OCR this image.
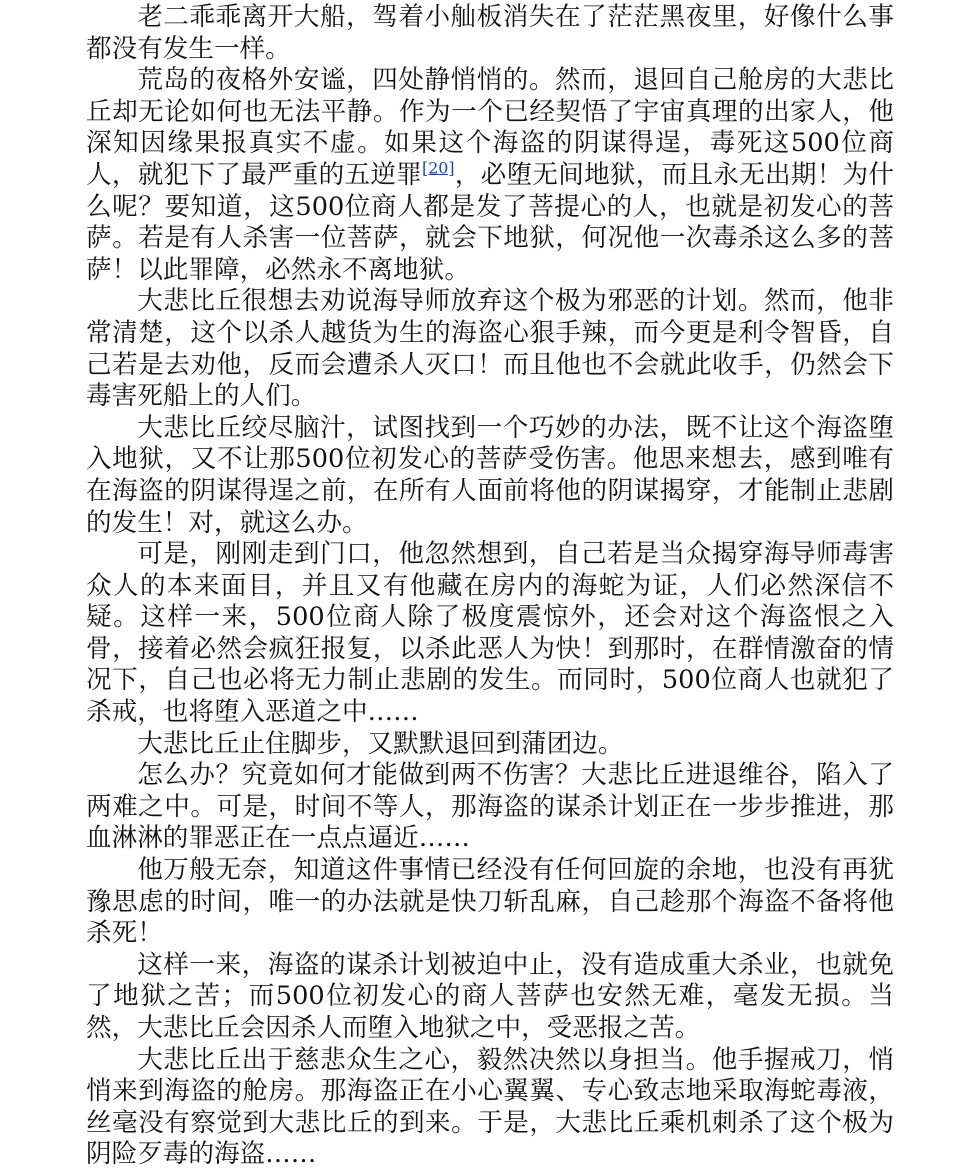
老二乖乖离开大船，驾着小舢板消失在了茫茫黑夜里，好像什么事都没有发生一样。

荒岛的夜格外安谧，四处静悄悄的。然而，退回自己舱房的大悲比丘却无论如何也无法平静。作为一个已经契悟了宇宙真理的出家人，他深知因缘果报真实不虚。如果这个海盗的阴谋得逞，毒死这500位商人，就犯下了最严重的五逆罪[20]，必堕无间地狱，而且永无出期！为什么呢？要知道，这500位商人都是发了菩提心的人，也就是初发心的菩萨。若是有人杀害一位菩萨，就会下地狱，何况他一次毒杀这么多的菩萨！以此罪障，必然永不离地狱。

大悲比丘很想去劝说海导师放弃这个极为邪恶的计划。然而，他非常清楚，这个以杀人越货为生的海盗心狠手辣，而今更是利令智昏，自己若是去劝他，反而会遭杀人灭口！而且他也不会就此收手，仍然会下毒害死船上的人们。

大悲比丘绞尽脑汁，试图找到一个巧妙的办法，既不让这个海盗堕入地狱，又不让那500位初发心的菩萨受伤害。他思来想去，感到唯有在海盗的阴谋得逞之前，在所有人面前将他的阴谋揭穿，才能制止悲剧的发生！对，就这么办。

可是，刚刚走到门口，他忽然想到，自己若是当众揭穿海导师毒害众人的本来面目，并且又有他藏在房内的海蛇为证，人们必然深信不疑。这样一来，500位商人除了极度震惊外，还会对这个海盗恨之入骨，接着必然会疯狂报复，以杀此恶人为快！到那时，在群情激奋的情况下，自己也必将无力制止悲剧的发生。而同时，500位商人也就犯了杀戒，也将堕入恶道之中……

大悲比丘止住脚步，又默默退回到蒲团边。

怎么办？究竟如何才能做到两不伤害？大悲比丘进退维谷，陷入了两难之中。可是，时间不等人，那海盗的谋杀计划正在一步步推进，那血淋淋的罪恶正在一点点逼近……

他万般无奈，知道这件事情已经没有任何回旋的余地，也没有再犹豫思虑的时间，唯一的办法就是快刀斩乱麻，自己趁那个海盗不备将他杀死！

这样一来，海盗的谋杀计划被迫中止，没有造成重大杀业，也就免了地狱之苦；而500位初发心的商人菩萨也安然无难，毫发无损。当然，大悲比丘会因杀人而堕入地狱之中，受恶报之苦。

大悲比丘出于慈悲众生之心，毅然决然以身担当。他手握戒刀，悄悄来到海盗的舱房。那海盗正在小心翼翼、专心致志地采取海蛇毒液，丝毫没有察觉到大悲比丘的到来。于是，大悲比丘乘机刺杀了这个极为阴险歹毒的海盗……
